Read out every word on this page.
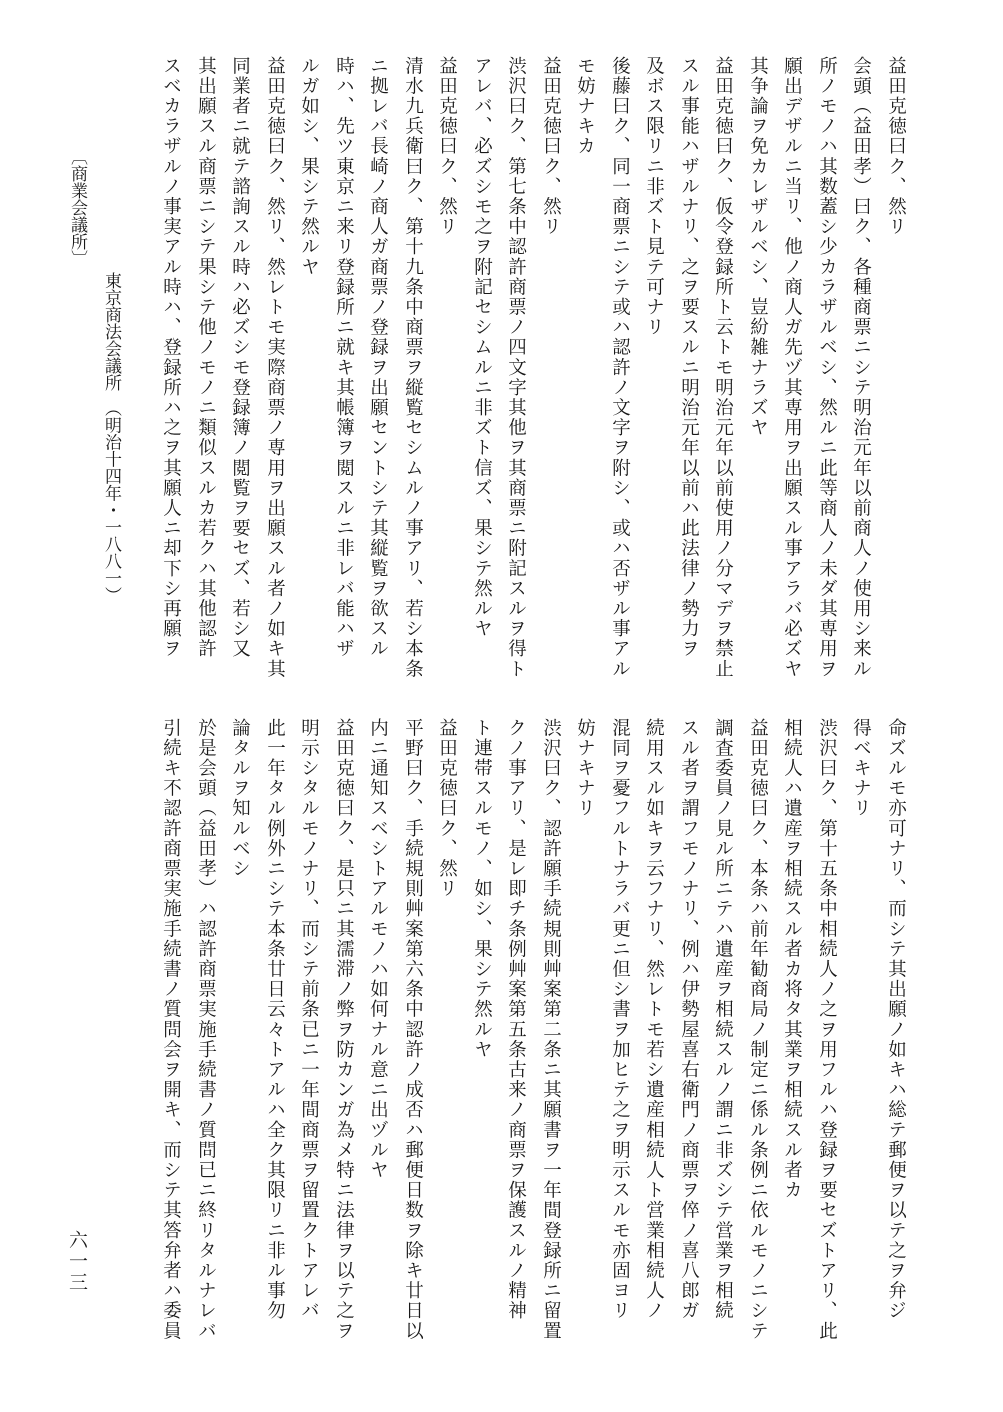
益田克徳曰ク、然リ
会頭（益田孝）曰ク、各種商票ニシテ明治元年以前商人ノ使用シ来ル
所ノモノハ其数蓋シ少カラザルベシ、然ルニ此等商人ノ未ダ其専用ヲ
願出デザルニ当リ、他ノ商人ガ先ヅ其専用ヲ出願スル事アラバ必ズヤ
其争論ヲ免カレザルベシ、豈紛雑ナラズヤ
益田克徳曰ク、仮令登録所ト云トモ明治元年以前使用ノ分マデヲ禁止
スル事能ハザルナリ、之ヲ要スルニ明治元年以前ハ此法律ノ勢力ヲ
及ボス限リニ非ズト見テ可ナリ
後藤曰ク、同一商票ニシテ或ハ認許ノ文字ヲ附シ、或ハ否ザル事アル
モ妨ナキカ
益田克徳曰ク、然リ
渋沢曰ク、第七条中認許商票ノ四文字其他ヲ其商票ニ附記スルヲ得ト
アレバ、必ズシモ之ヲ附記セシムルニ非ズト信ズ、果シテ然ルヤ
益田克徳曰ク、然リ
清水九兵衛曰ク、第十九条中商票ヲ縦覧セシムルノ事アリ、若シ本条
ニ拠レバ長崎ノ商人ガ商票ノ登録ヲ出願セントシテ其縦覧ヲ欲スル
時ハ、先ツ東京ニ来リ登録所ニ就キ其帳簿ヲ閲スルニ非レバ能ハザ
ルガ如シ、果シテ然ルヤ
益田克徳曰ク、然リ、然レトモ実際商票ノ専用ヲ出願スル者ノ如キ其
同業者ニ就テ諮詢スル時ハ必ズシモ登録簿ノ閲覧ヲ要セズ、若シ又
其出願スル商票ニシテ果シテ他ノモノニ類似スルカ若クハ其他認許
スベカラザルノ事実アル時ハ、登録所ハ之ヲ其願人ニ却下シ再願ヲ
〔商業会議所〕
東京商法会議所　（明治十四年・一八八一）
命ズルモ亦可ナリ、而シテ其出願ノ如キハ総テ郵便ヲ以テ之ヲ弁ジ
得ベキナリ
渋沢曰ク、第十五条中相続人ノ之ヲ用フルハ登録ヲ要セズトアリ、此
相続人ハ遺産ヲ相続スル者カ将タ其業ヲ相続スル者カ
益田克徳曰ク、本条ハ前年勧商局ノ制定ニ係ル条例ニ依ルモノニシテ
調査委員ノ見ル所ニテハ遺産ヲ相続スルノ謂ニ非ズシテ営業ヲ相続
スル者ヲ謂フモノナリ、例ハ伊勢屋喜右衛門ノ商票ヲ倅ノ喜八郎ガ
続用スル如キヲ云フナリ、然レトモ若シ遺産相続人ト営業相続人ノ
混同ヲ憂フルトナラバ更ニ但シ書ヲ加ヒテ之ヲ明示スルモ亦固ヨリ
妨ナキナリ
渋沢曰ク、認許願手続規則艸案第二条ニ其願書ヲ一年間登録所ニ留置
クノ事アリ、是レ即チ条例艸案第五条古来ノ商票ヲ保護スルノ精神
ト連帯スルモノ、如シ、果シテ然ルヤ
益田克徳曰ク、然リ
平野曰ク、手続規則艸案第六条中認許ノ成否ハ郵便日数ヲ除キ廿日以
内ニ通知スベシトアルモノハ如何ナル意ニ出ヅルヤ
益田克徳曰ク、是只ニ其濡滞ノ弊ヲ防カンガ為メ特ニ法律ヲ以テ之ヲ
明示シタルモノナリ、而シテ前条已ニ一年間商票ヲ留置クトアレバ
此一年タル例外ニシテ本条廿日云々トアルハ全ク其限リニ非ル事勿
論タルヲ知ルベシ
於是会頭（益田孝）ハ認許商票実施手続書ノ質問已ニ終リタルナレバ
引続キ不認許商票実施手続書ノ質問会ヲ開キ、而シテ其答弁者ハ委員
六一三
